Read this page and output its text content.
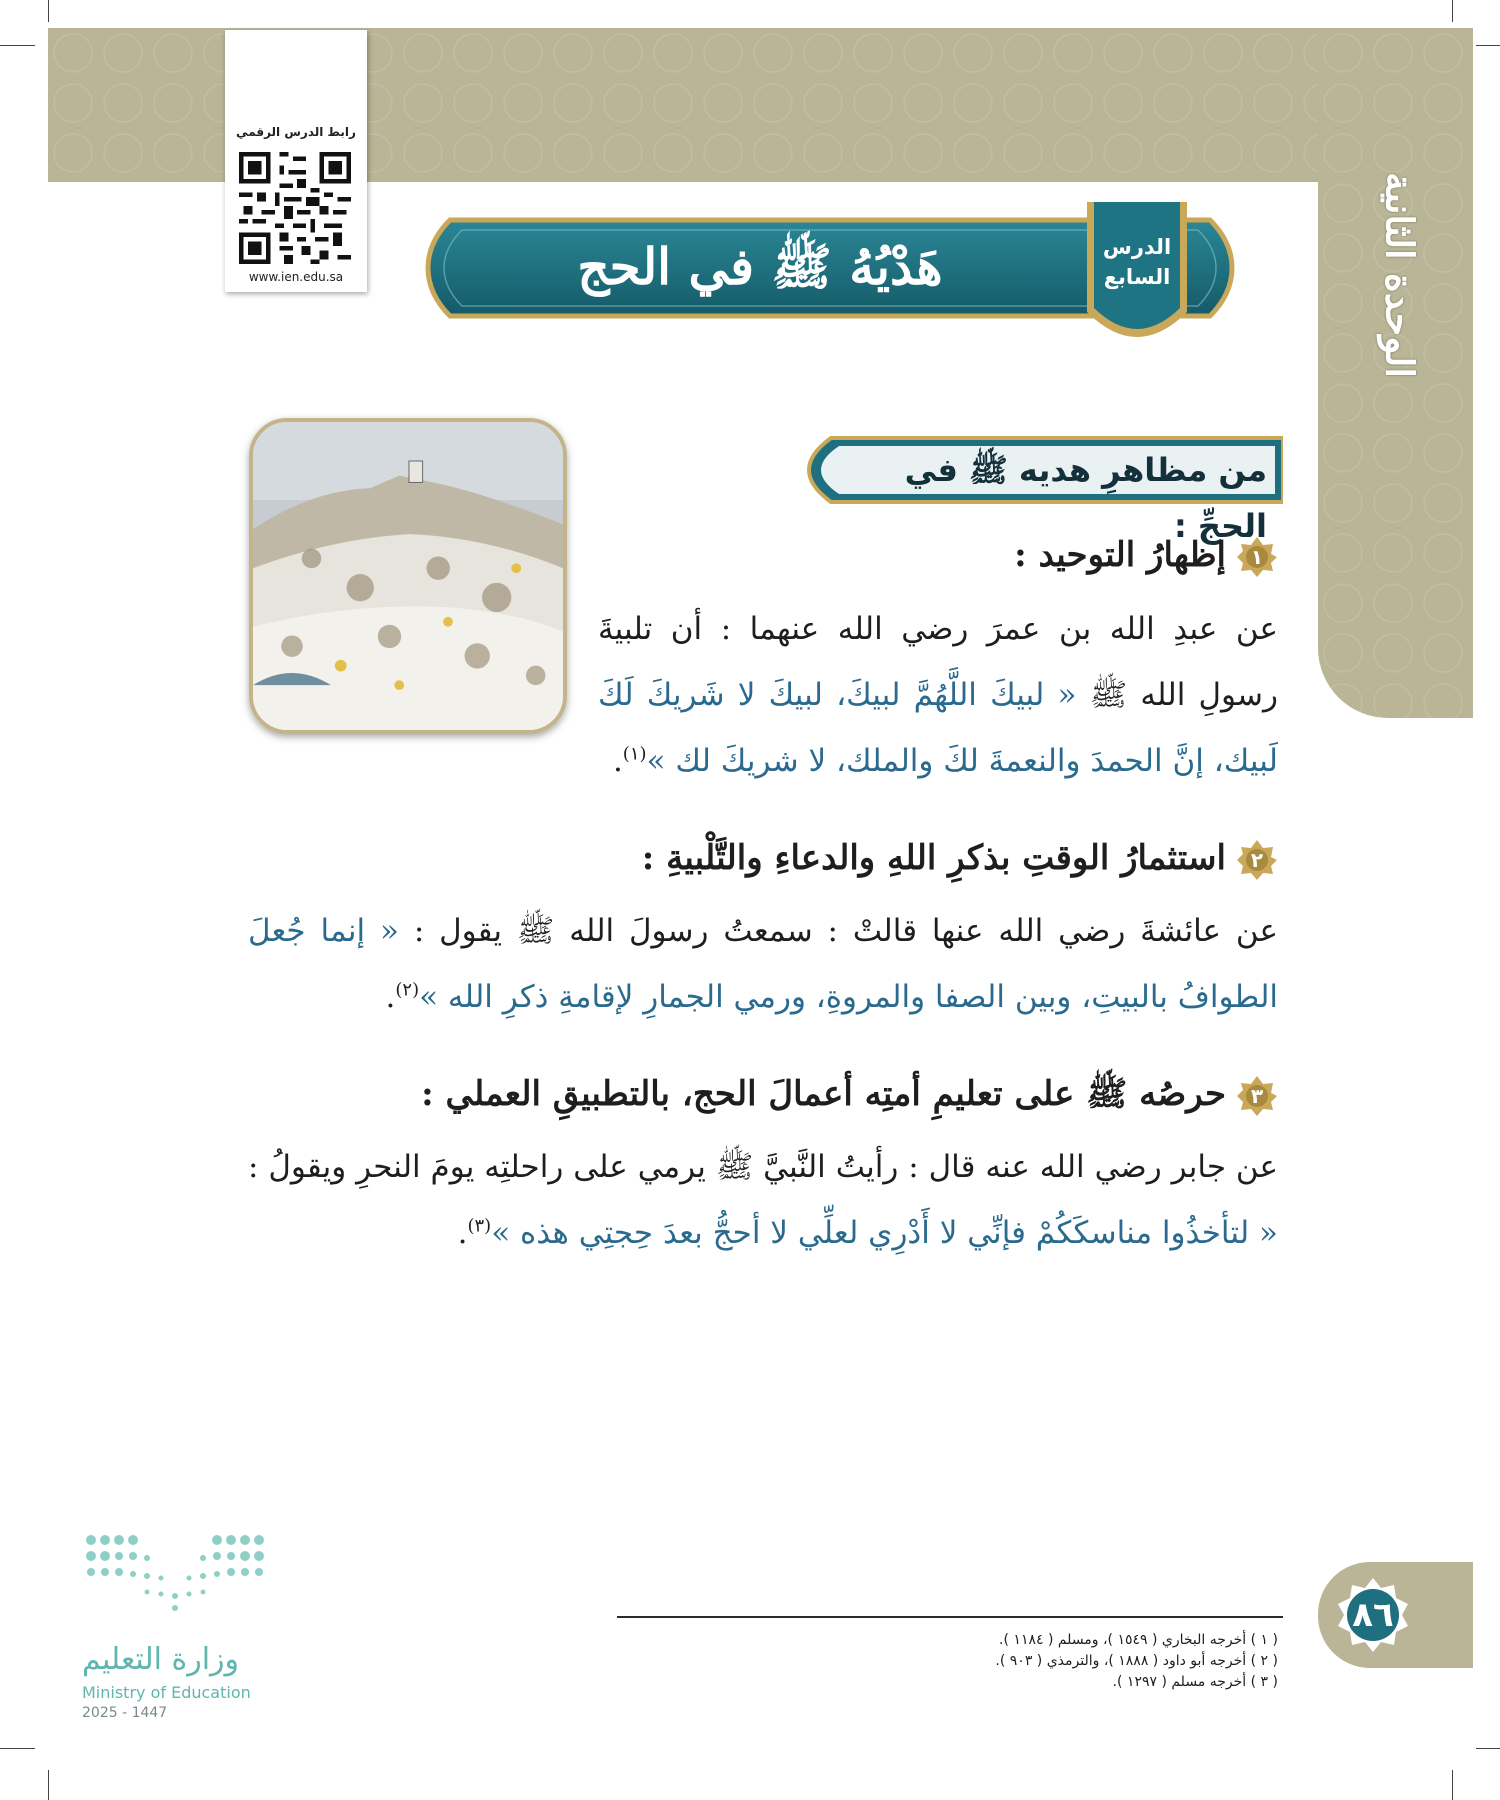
الوحدة الثانية
رابط الدرس الرقمي
www.ien.edu.sa
الدرس
السابع
هَدْيُهُ ﷺ في الحج
من مظاهرِ هديه ﷺ في الحجِّ :
١
إظهارُ التوحيد :
عن عبدِ الله بن عمرَ رضي الله عنهما : أن تلبيةَ رسولِ الله ﷺ « لبيكَ اللَّهُمَّ لبيكَ، لبيكَ لا شَريكَ لَكَ لَبيك، إنَّ الحمدَ والنعمةَ لكَ والملك، لا شريكَ لك »$^{(١)}$.
٢
استثمارُ الوقتِ بذكرِ اللهِ والدعاءِ والتَّلْبيةِ :
عن عائشةَ رضي الله عنها قالتْ : سمعتُ رسولَ الله ﷺ يقول : « إنما جُعلَ الطوافُ بالبيتِ، وبين الصفا والمروةِ، ورمي الجمارِ لإقامةِ ذكرِ الله »$^{(٢)}$.
٣
حرصُه ﷺ على تعليمِ أمتِه أعمالَ الحج، بالتطبيقِ العملي :
عن جابر رضي الله عنه قال : رأيتُ النَّبيَّ ﷺ يرمي على راحلتِه يومَ النحرِ ويقولُ : « لتأخذُوا مناسكَكُمْ فإنِّي لا أَدْرِي لعلِّي لا أحجُّ بعدَ حِجتِي هذه »$^{(٣)}$.
( ١ ) أخرجه البخاري ( ١٥٤٩ )، ومسلم ( ١١٨٤ ).
( ٢ ) أخرجه أبو داود ( ١٨٨٨ )، والترمذي ( ٩٠٣ ).
( ٣ ) أخرجه مسلم ( ١٢٩٧ ).
٨٦
وزارة التعليم
Ministry of Education
2025 - 1447
